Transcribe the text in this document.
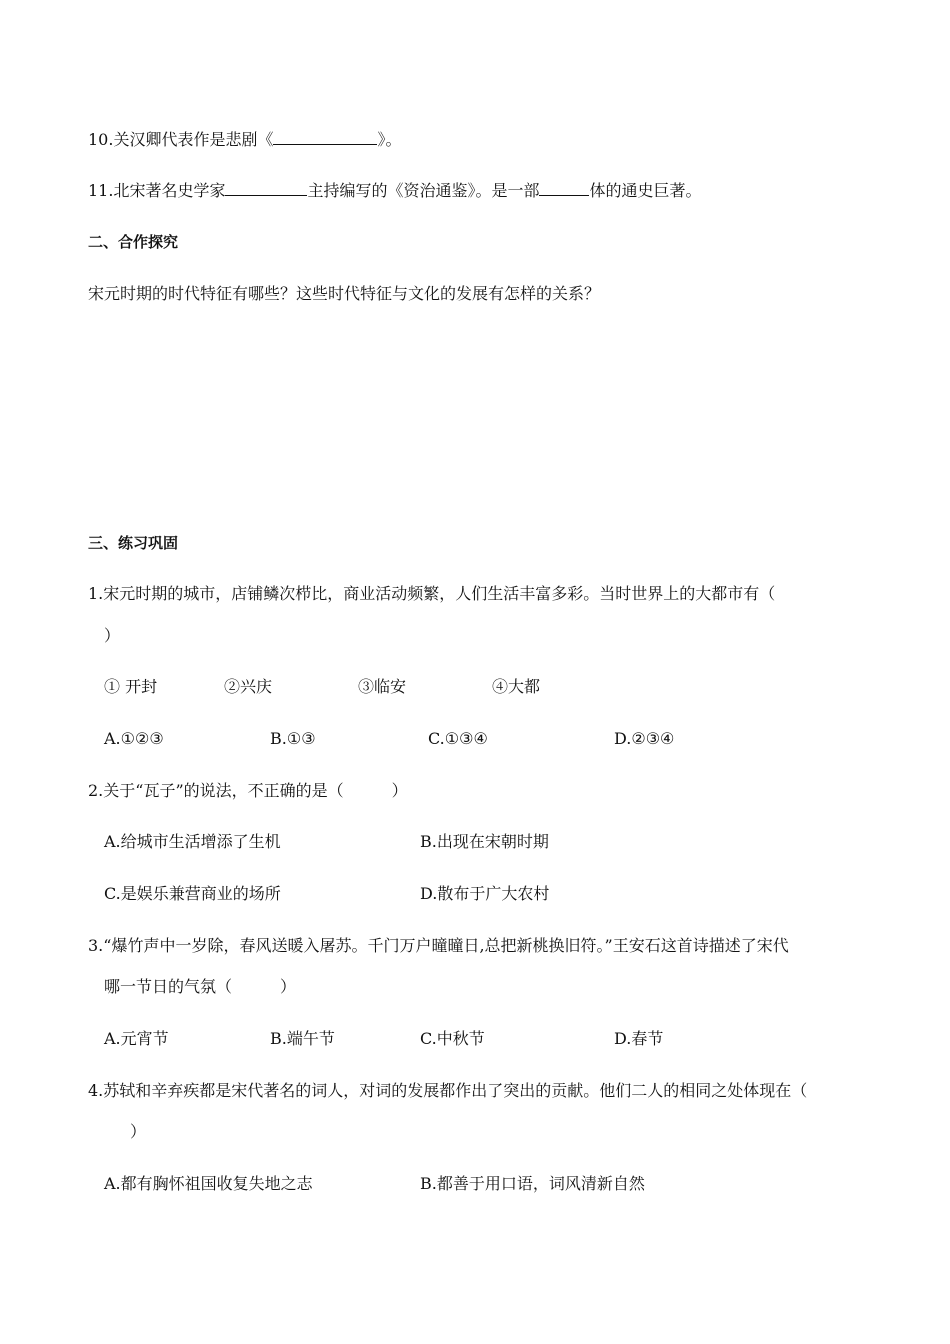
10.关汉卿代表作是悲剧《	》。
11.北宋著名史学家	主持编写的《资治通鉴》。是一部	体的通史巨著。
二、合作探究
宋元时期的时代特征有哪些？这些时代特征与文化的发展有怎样的关系？
三、练习巩固
1.宋元时期的城市，店铺鳞次栉比，商业活动频繁，人们生活丰富多彩。当时世界上的大都市有（
）
① 开封	②兴庆	③临安	④大都
A.①②③	B.①③	C.①③④	D.②③④
2.关于“瓦子”的说法，不正确的是（　　　）
A.给城市生活增添了生机	B.出现在宋朝时期
C.是娱乐兼营商业的场所	D.散布于广大农村
3.“爆竹声中一岁除，春风送暖入屠苏。千门万户曈曈日,总把新桃换旧符。”王安石这首诗描述了宋代
哪一节日的气氛（　　　）
A.元宵节	B.端午节	C.中秋节	D.春节
4.苏轼和辛弃疾都是宋代著名的词人，对词的发展都作出了突出的贡献。他们二人的相同之处体现在（
）
A.都有胸怀祖国收复失地之志	B.都善于用口语，词风清新自然
